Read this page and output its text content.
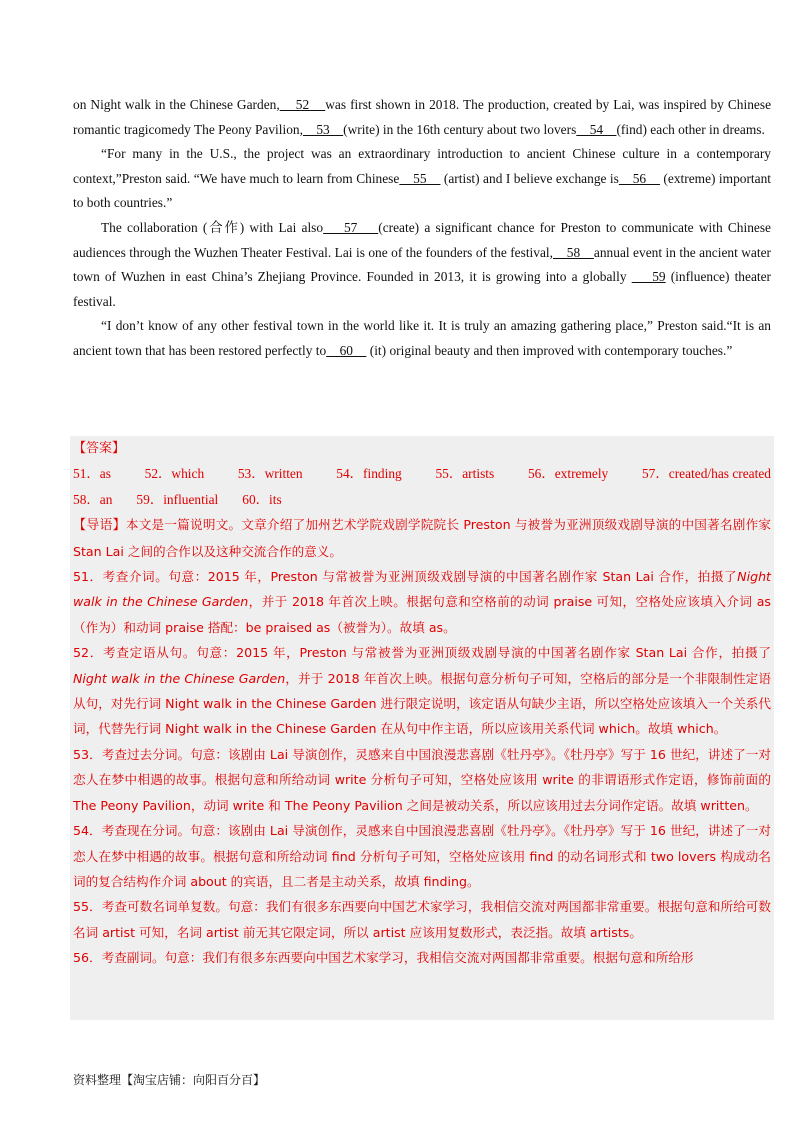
on Night walk in the Chinese Garden,    52    was first shown in 2018. The production, created by Lai, was inspired by Chinese romantic tragicomedy The Peony Pavilion,    53    (write) in the 16th century about two lovers    54    (find) each other in dreams.

“For many in the U.S., the project was an extraordinary introduction to ancient Chinese culture in a contemporary context,”Preston said. “We have much to learn from Chinese    55     (artist) and I believe exchange is    56     (extreme) important to both countries.”

The collaboration (合作) with Lai also    57    (create) a significant chance for Preston to communicate with Chinese audiences through the Wuzhen Theater Festival. Lai is one of the founders of the festival,    58    annual event in the ancient water town of Wuzhen in east China’s Zhejiang Province. Founded in 2013, it is growing into a globally     59 (influence) theater festival.

“I don’t know of any other festival town in the world like it. It is truly an amazing gathering place,” Preston said.“It is an ancient town that has been restored perfectly to    60     (it) original beauty and then improved with contemporary touches.”

【答案】

51．as	52．which	53．written	54．finding	55．artists	56．extremely	57．created/has created
58．an 59．influential 60．its

【导语】本文是一篇说明文。文章介绍了加州艺术学院戏剧学院院长 Preston 与被誉为亚洲顶级戏剧导演的中国著名剧作家 Stan Lai 之间的合作以及这种交流合作的意义。

51．考查介词。句意：2015 年，Preston 与常被誉为亚洲顶级戏剧导演的中国著名剧作家 Stan Lai 合作，拍摄了Night walk in the Chinese Garden，并于 2018 年首次上映。根据句意和空格前的动词 praise 可知，空格处应该填入介词 as（作为）和动词 praise 搭配：be praised as（被誉为）。故填 as。

52．考查定语从句。句意：2015 年，Preston 与常被誉为亚洲顶级戏剧导演的中国著名剧作家 Stan Lai 合作，拍摄了 Night walk in the Chinese Garden，并于 2018 年首次上映。根据句意分析句子可知，空格后的部分是一个非限制性定语从句，对先行词 Night walk in the Chinese Garden 进行限定说明，该定语从句缺少主语，所以空格处应该填入一个关系代词，代替先行词 Night walk in the Chinese Garden 在从句中作主语，所以应该用关系代词 which。故填 which。

53．考查过去分词。句意：该剧由 Lai 导演创作，灵感来自中国浪漫悲喜剧《牡丹亭》。《牡丹亭》写于 16 世纪，讲述了一对恋人在梦中相遇的故事。根据句意和所给动词 write 分析句子可知，空格处应该用 write 的非谓语形式作定语，修饰前面的 The Peony Pavilion，动词 write 和 The Peony Pavilion 之间是被动关系，所以应该用过去分词作定语。故填 written。

54．考查现在分词。句意：该剧由 Lai 导演创作，灵感来自中国浪漫悲喜剧《牡丹亭》。《牡丹亭》写于 16 世纪，讲述了一对恋人在梦中相遇的故事。根据句意和所给动词 find 分析句子可知，空格处应该用 find 的动名词形式和 two lovers 构成动名词的复合结构作介词 about 的宾语，且二者是主动关系，故填 finding。

55．考查可数名词单复数。句意：我们有很多东西要向中国艺术家学习，我相信交流对两国都非常重要。根据句意和所给可数名词 artist 可知，名词 artist 前无其它限定词，所以 artist 应该用复数形式，表泛指。故填 artists。

56．考查副词。句意：我们有很多东西要向中国艺术家学习，我相信交流对两国都非常重要。根据句意和所给形

资料整理【淘宝店铺：向阳百分百】
